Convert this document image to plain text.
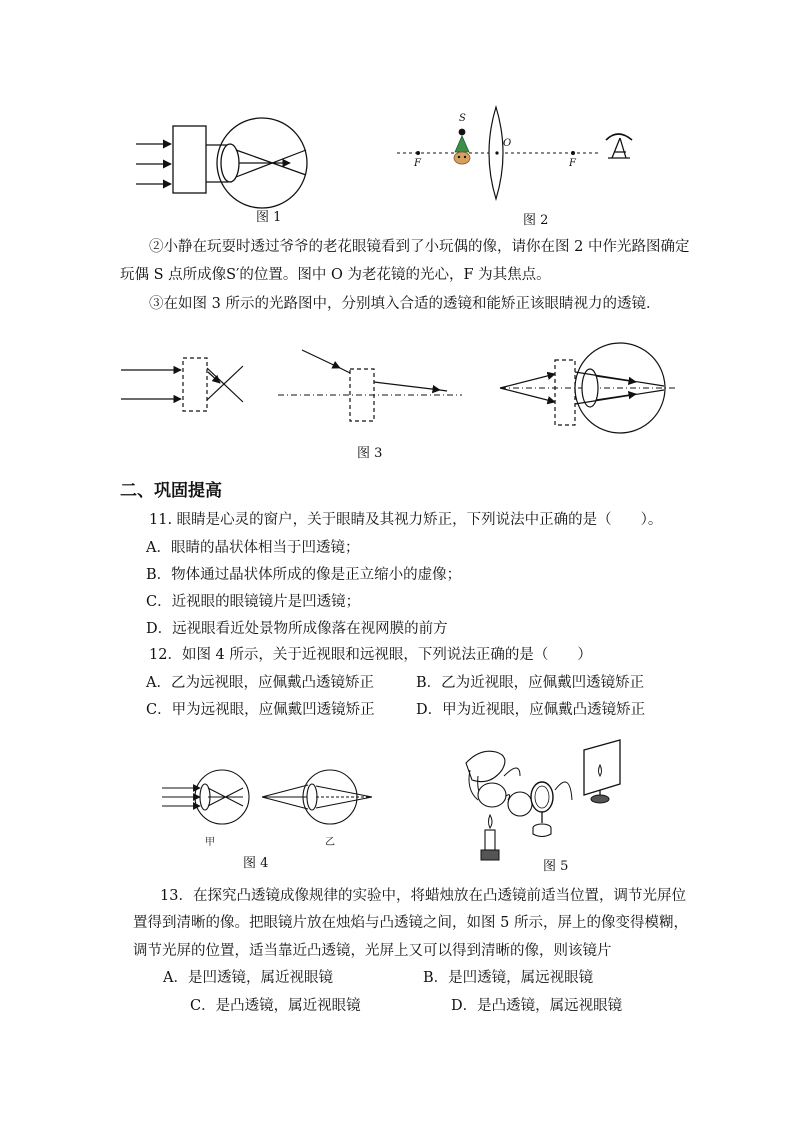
图 1
S
O
F	F
图 2
②小静在玩耍时透过爷爷的老花眼镜看到了小玩偶的像，请你在图 2 中作光路图确定
玩偶 S 点所成像S′的位置。图中 O 为老花镜的光心，F 为其焦点。
③在如图 3 所示的光路图中，分别填入合适的透镜和能矫正该眼睛视力的透镜．
图 3
二、巩固提高
11. 眼睛是心灵的窗户，关于眼睛及其视力矫正，下列说法中正确的是（　　）。
A．眼睛的晶状体相当于凹透镜；
B．物体通过晶状体所成的像是正立缩小的虚像；
C．近视眼的眼镜镜片是凹透镜；
D．远视眼看近处景物所成像落在视网膜的前方
12．如图 4 所示，关于近视眼和远视眼，下列说法正确的是（　　）
A．乙为远视眼，应佩戴凸透镜矫正	B．乙为近视眼，应佩戴凹透镜矫正
C．甲为远视眼，应佩戴凹透镜矫正	D．甲为近视眼，应佩戴凸透镜矫正
甲	乙
图 4	图 5
13．在探究凸透镜成像规律的实验中，将蜡烛放在凸透镜前适当位置，调节光屏位
置得到清晰的像。把眼镜片放在烛焰与凸透镜之间，如图 5 所示，屏上的像变得模糊，
调节光屏的位置，适当靠近凸透镜，光屏上又可以得到清晰的像，则该镜片
A．是凹透镜，属近视眼镜	B．是凹透镜，属远视眼镜
C．是凸透镜，属近视眼镜	D．是凸透镜，属远视眼镜
